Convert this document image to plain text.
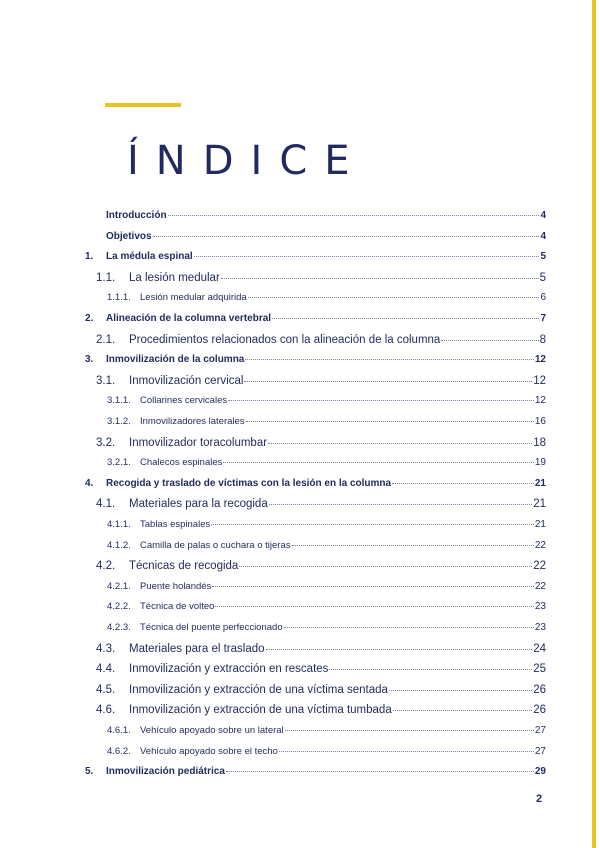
ÍNDICE
Introducción	4
Objetivos	4
1.	La médula espinal	5
1.1.	La lesión medular	5
1.1.1. Lesión medular adquirida	6
2.	Alineación de la columna vertebral	7
2.1.	Procedimientos relacionados con la alineación de la columna	8
3.	Inmovilización de la columna	12
3.1.	Inmovilización cervical	12
3.1.1. Collarines cervicales	12
3.1.2. Inmovilizadores laterales	16
3.2.	Inmovilizador toracolumbar	18
3.2.1. Chalecos espinales	19
4.	Recogida y traslado de víctimas con la lesión en la columna	21
4.1.	Materiales para la recogida	21
4.1.1. Tablas espinales	21
4.1.2. Camilla de palas o cuchara o tijeras	22
4.2.	Técnicas de recogida	22
4.2.1. Puente holandés	22
4.2.2. Técnica de volteo	23
4.2.3. Técnica del puente perfeccionado	23
4.3.	Materiales para el traslado	24
4.4.	Inmovilización y extracción en rescates	25
4.5.	Inmovilización y extracción de una víctima sentada	26
4.6.	Inmovilización y extracción de una víctima tumbada	26
4.6.1. Vehículo apoyado sobre un lateral	27
4.6.2. Vehículo apoyado sobre el techo	27
5.	Inmovilización pediátrica	29
2
